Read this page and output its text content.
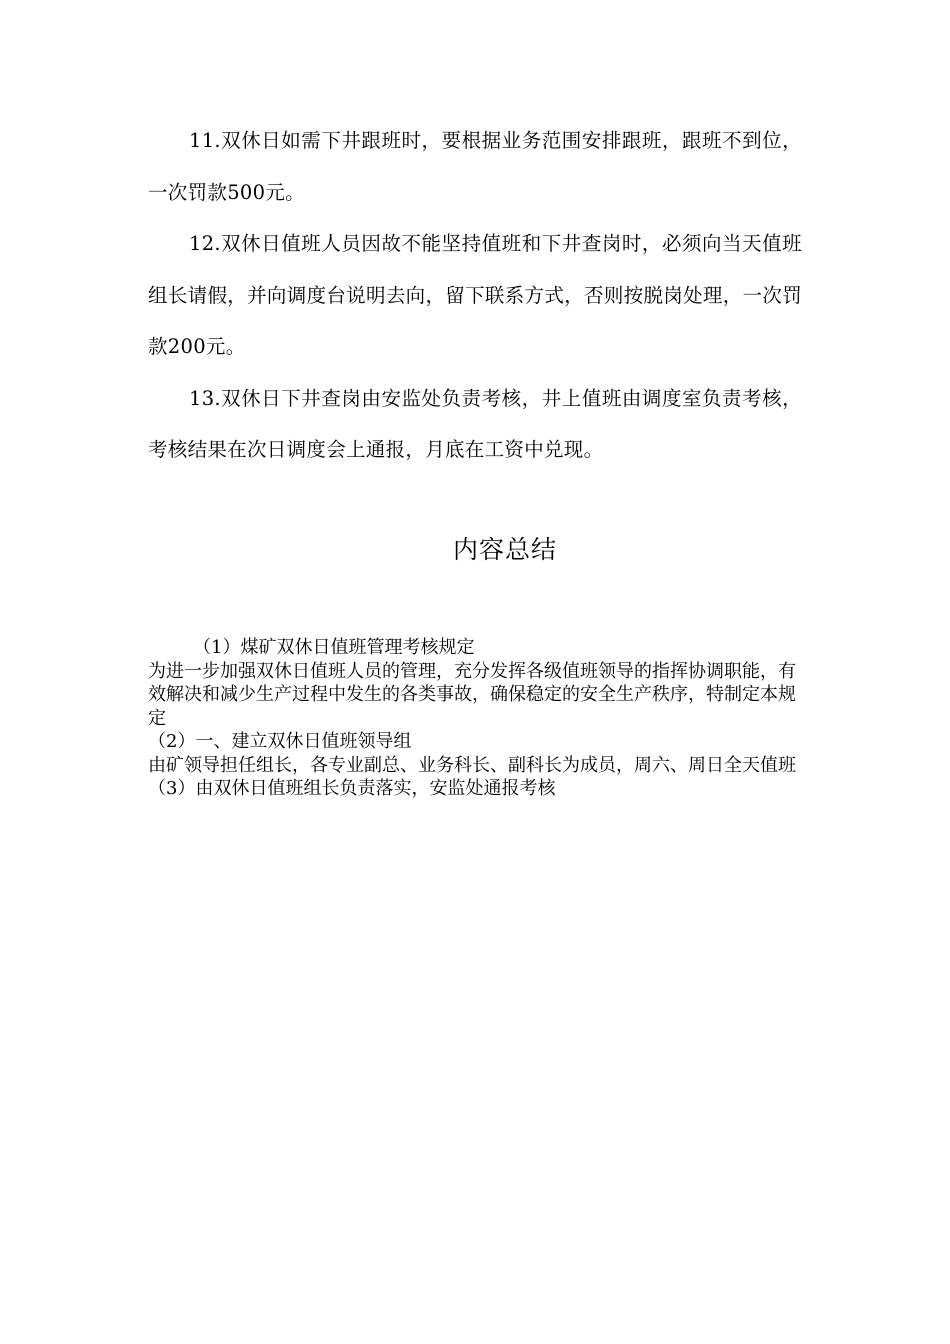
11.双休日如需下井跟班时，要根据业务范围安排跟班，跟班不到位，一次罚款500元。

12.双休日值班人员因故不能坚持值班和下井查岗时，必须向当天值班组长请假，并向调度台说明去向，留下联系方式，否则按脱岗处理，一次罚款200元。

13.双休日下井查岗由安监处负责考核，井上值班由调度室负责考核，考核结果在次日调度会上通报，月底在工资中兑现。

内容总结

（1）煤矿双休日值班管理考核规定

为进一步加强双休日值班人员的管理，充分发挥各级值班领导的指挥协调职能，有效解决和减少生产过程中发生的各类事故，确保稳定的安全生产秩序，特制定本规定

（2）一、建立双休日值班领导组

由矿领导担任组长，各专业副总、业务科长、副科长为成员，周六、周日全天值班

（3）由双休日值班组长负责落实，安监处通报考核
